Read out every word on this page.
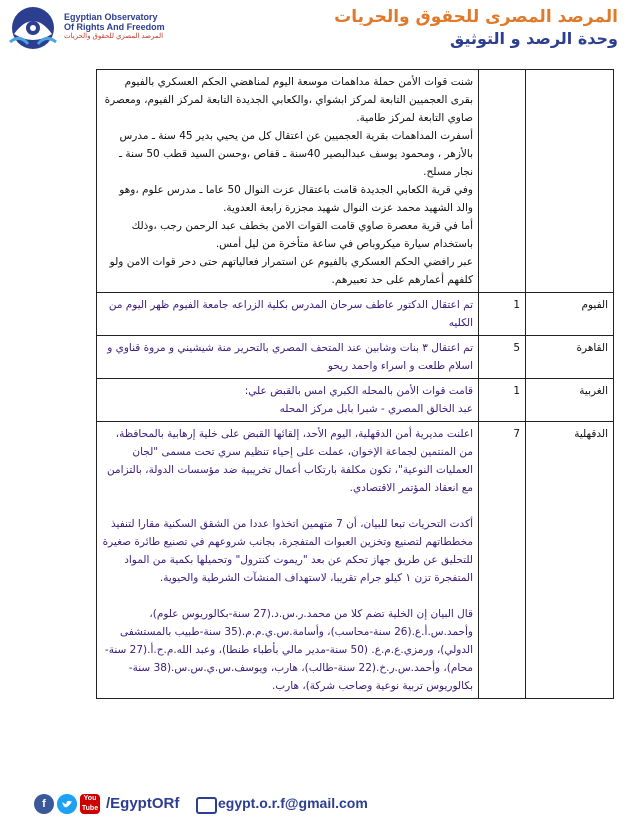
Egyptian Observatory
Of Rights And Freedom
المرصد المصري للحقوق والحريات
المرصد المصرى للحقوق والحريات
وحدة الرصد و التوثيق

		شنت قوات الأمن حملة مداهمات موسعة اليوم لمناهضي الحكم العسكري بالفيوم بقرى العجميين التابعة لمركز ابشواي ،والكعابي الجديدة التابعة لمركز الفيوم، ومعصرة صاوي التابعة لمركز طامية.
أسفرت المداهمات بقرية العجميين عن اعتقال كل من يحيي بدير 45 سنة ـ مدرس بالأزهر ، ومحمود يوسف عبدالبصير 40سنة ـ قفاص ،وحسن السيد قطب 50 سنة ـ نجار مسلح.
وفي قرية الكعابي الجديدة قامت باعتقال عزت النوال 50 عاما ـ مدرس علوم ،وهو والد الشهيد محمد عزت النوال شهيد مجزرة رابعة العدوية.
أما في قرية معصرة صاوي قامت القوات الامن بخطف عبد الرحمن رجب ،وذلك باستخدام سيارة ميكروباص في ساعة متأخرة من ليل أمس.
عبر رافضي الحكم العسكري بالفيوم عن استمرار فعالياتهم حتى دحر قوات الامن ولو كلفهم أعمارهم على حد تعبيرهم.

الفيوم	1	تم اعتقال الدكتور عاطف سرحان المدرس بكلية الزراعه جامعة الفيوم ظهر اليوم من الكليه

القاهرة	5	تم اعتقال ٣ بنات وشابين عند المتحف المصري بالتحرير منة شيشيني و مروة قناوي و اسلام طلعت و اسراء واحمد ريحو

الغربية	1	قامت قوات الأمن بالمحله الكبري امس بالقبض علي:
عبد الخالق المصري - شبرا بابل مركز المحله

الدقهلية	7	اعلنت مديرية أمن الدقهلية، اليوم الأحد، إلقائها القبض على خلية إرهابية بالمحافظة، من المنتمين لجماعة الإخوان، عملت على إحياء تنظيم سري تحت مسمى "لجان العمليات النوعية"، تكون مكلفة بارتكاب أعمال تخريبية ضد مؤسسات الدولة، بالتزامن مع انعقاد المؤتمر الاقتصادي.
أكدت التحريات تبعا للبيان، أن 7 متهمين اتخذوا عددا من الشقق السكنية مقارا لتنفيذ مخططاتهم لتصنيع وتخزين العبوات المتفجرة، بجانب شروعهم في تصنيع طائرة صغيرة للتحليق عن طريق جهاز تحكم عن بعد "ريموت كنترول" وتحميلها بكمية من المواد المتفجرة تزن ١ كيلو جرام تقريبا، لاستهداف المنشآت الشرطية والحيوية.
قال البيان إن الخلية تضم كلا من محمد.ر.س.د.(27 سنة-بكالوريوس علوم)، وأحمد.س.أ.ع.(26 سنة-محاسب)، وأسامة.س.ي.م.م.(35 سنة-طبيب بالمستشفى الدولي)، ورمزي.ع.م.ع. (50 سنة-مدير مالي بأطباء طنطا)، وعبد الله.م.ح.أ.(27 سنة-محام)، وأحمد.س.ر.خ.(22 سنة-طالب)، هارب، ويوسف.س.ي.س.س.(38 سنة-بكالوريوس تربية نوعية وصاحب شركة)، هارب.
f	You
Tube /EgyptORf	egypt.o.r.f@gmail.com
